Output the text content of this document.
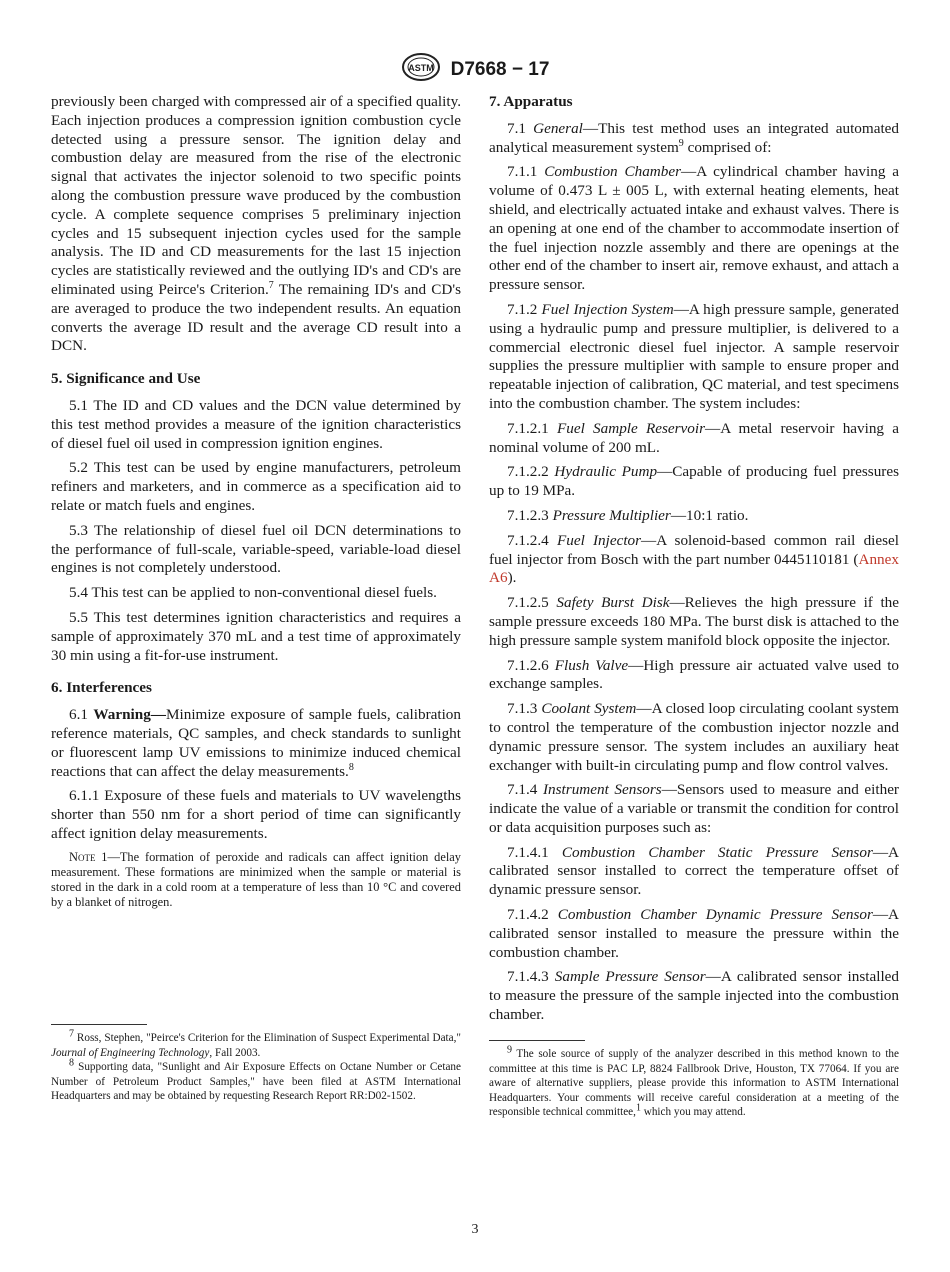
ASTM D7668 − 17

previously been charged with compressed air of a specified quality. Each injection produces a compression ignition combustion cycle detected using a pressure sensor. The ignition delay and combustion delay are measured from the rise of the electronic signal that activates the injector solenoid to two specific points along the combustion pressure wave produced by the combustion cycle. A complete sequence comprises 5 preliminary injection cycles and 15 subsequent injection cycles used for the sample analysis. The ID and CD measurements for the last 15 injection cycles are statistically reviewed and the outlying ID's and CD's are eliminated using Peirce's Criterion.$^7$ The remaining ID's and CD's are averaged to produce the two independent results. An equation converts the average ID result and the average CD result into a DCN.

5. Significance and Use

5.1 The ID and CD values and the DCN value determined by this test method provides a measure of the ignition characteristics of diesel fuel oil used in compression ignition engines.

5.2 This test can be used by engine manufacturers, petroleum refiners and marketers, and in commerce as a specification aid to relate or match fuels and engines.

5.3 The relationship of diesel fuel oil DCN determinations to the performance of full-scale, variable-speed, variable-load diesel engines is not completely understood.

5.4 This test can be applied to non-conventional diesel fuels.

5.5 This test determines ignition characteristics and requires a sample of approximately 370 mL and a test time of approximately 30 min using a fit-for-use instrument.

6. Interferences

6.1 Warning—Minimize exposure of sample fuels, calibration reference materials, QC samples, and check standards to sunlight or fluorescent lamp UV emissions to minimize induced chemical reactions that can affect the delay measurements.$^8$

6.1.1 Exposure of these fuels and materials to UV wavelengths shorter than 550 nm for a short period of time can significantly affect ignition delay measurements.

Note 1—The formation of peroxide and radicals can affect ignition delay measurement. These formations are minimized when the sample or material is stored in the dark in a cold room at a temperature of less than 10 °C and covered by a blanket of nitrogen.

7. Apparatus

7.1 General—This test method uses an integrated automated analytical measurement system$^9$ comprised of:

7.1.1 Combustion Chamber—A cylindrical chamber having a volume of 0.473 L ± 005 L, with external heating elements, heat shield, and electrically actuated intake and exhaust valves. There is an opening at one end of the chamber to accommodate insertion of the fuel injection nozzle assembly and there are openings at the other end of the chamber to insert air, remove exhaust, and attach a pressure sensor.

7.1.2 Fuel Injection System—A high pressure sample, generated using a hydraulic pump and pressure multiplier, is delivered to a commercial electronic diesel fuel injector. A sample reservoir supplies the pressure multiplier with sample to ensure proper and repeatable injection of calibration, QC material, and test specimens into the combustion chamber. The system includes:

7.1.2.1 Fuel Sample Reservoir—A metal reservoir having a nominal volume of 200 mL.

7.1.2.2 Hydraulic Pump—Capable of producing fuel pressures up to 19 MPa.

7.1.2.3 Pressure Multiplier—10:1 ratio.

7.1.2.4 Fuel Injector—A solenoid-based common rail diesel fuel injector from Bosch with the part number 0445110181 (Annex A6).

7.1.2.5 Safety Burst Disk—Relieves the high pressure if the sample pressure exceeds 180 MPa. The burst disk is attached to the high pressure sample system manifold block opposite the injector.

7.1.2.6 Flush Valve—High pressure air actuated valve used to exchange samples.

7.1.3 Coolant System—A closed loop circulating coolant system to control the temperature of the combustion injector nozzle and dynamic pressure sensor. The system includes an auxiliary heat exchanger with built-in circulating pump and flow control valves.

7.1.4 Instrument Sensors—Sensors used to measure and either indicate the value of a variable or transmit the condition for control or data acquisition purposes such as:

7.1.4.1 Combustion Chamber Static Pressure Sensor—A calibrated sensor installed to correct the temperature offset of dynamic pressure sensor.

7.1.4.2 Combustion Chamber Dynamic Pressure Sensor—A calibrated sensor installed to measure the pressure within the combustion chamber.

7.1.4.3 Sample Pressure Sensor—A calibrated sensor installed to measure the pressure of the sample injected into the combustion chamber.

$^7$ Ross, Stephen, "Peirce's Criterion for the Elimination of Suspect Experimental Data," Journal of Engineering Technology, Fall 2003.

$^8$ Supporting data, "Sunlight and Air Exposure Effects on Octane Number or Cetane Number of Petroleum Product Samples," have been filed at ASTM International Headquarters and may be obtained by requesting Research Report RR:D02-1502.

$^9$ The sole source of supply of the analyzer described in this method known to the committee at this time is PAC LP, 8824 Fallbrook Drive, Houston, TX 77064. If you are aware of alternative suppliers, please provide this information to ASTM International Headquarters. Your comments will receive careful consideration at a meeting of the responsible technical committee,$^1$ which you may attend.

3
